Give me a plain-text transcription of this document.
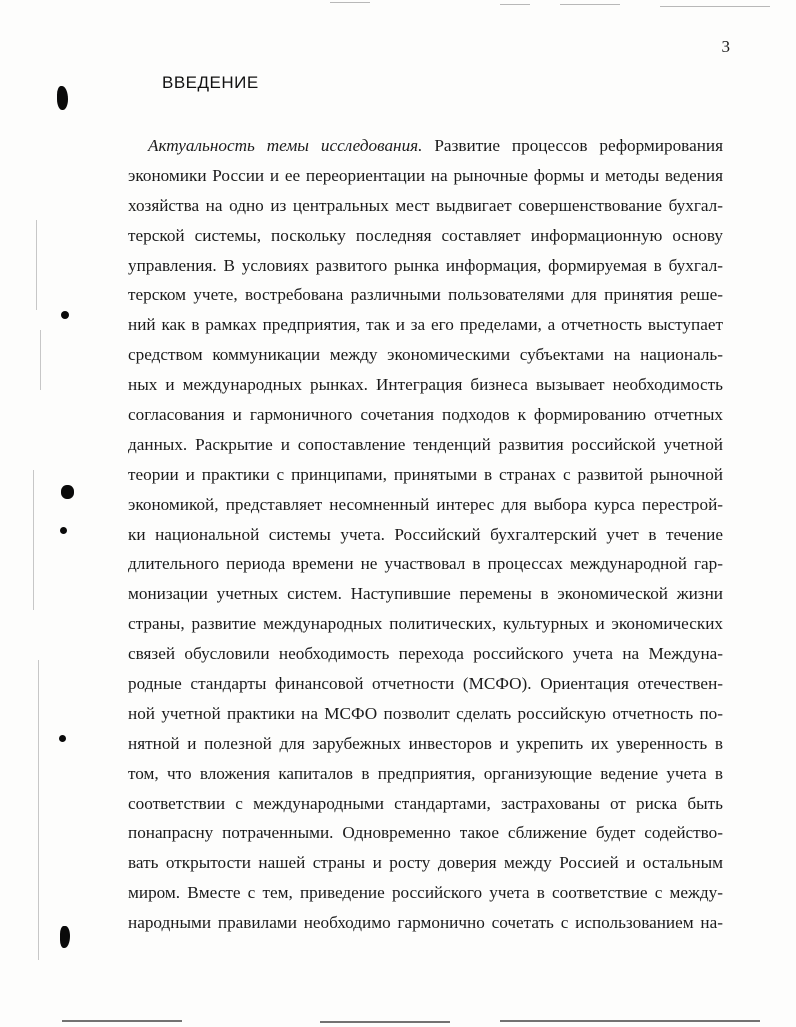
3
ВВЕДЕНИЕ
Актуальность темы исследования. Развитие процессов реформирования
экономики России и ее переориентации на рыночные формы и методы ведения
хозяйства на одно из центральных мест выдвигает совершенствование бухгал-
терской системы, поскольку последняя составляет информационную основу
управления. В условиях развитого рынка информация, формируемая в бухгал-
терском учете, востребована различными пользователями для принятия реше-
ний как в рамках предприятия, так и за его пределами, а отчетность выступает
средством коммуникации между экономическими субъектами на националь-
ных и международных рынках. Интеграция бизнеса вызывает необходимость
согласования и гармоничного сочетания подходов к формированию отчетных
данных. Раскрытие и сопоставление тенденций развития российской учетной
теории и практики с принципами, принятыми в странах с развитой рыночной
экономикой, представляет несомненный интерес для выбора курса перестрой-
ки национальной системы учета. Российский бухгалтерский учет в течение
длительного периода времени не участвовал в процессах международной гар-
монизации учетных систем. Наступившие перемены в экономической жизни
страны, развитие международных политических, культурных и экономических
связей обусловили необходимость перехода российского учета на Междуна-
родные стандарты финансовой отчетности (МСФО). Ориентация отечествен-
ной учетной практики на МСФО позволит сделать российскую отчетность по-
нятной и полезной для зарубежных инвесторов и укрепить их уверенность в
том, что вложения капиталов в предприятия, организующие ведение учета в
соответствии с международными стандартами, застрахованы от риска быть
понапрасну потраченными. Одновременно такое сближение будет содейство-
вать открытости нашей страны и росту доверия между Россией и остальным
миром. Вместе с тем, приведение российского учета в соответствие с между-
народными правилами необходимо гармонично сочетать с использованием на-
